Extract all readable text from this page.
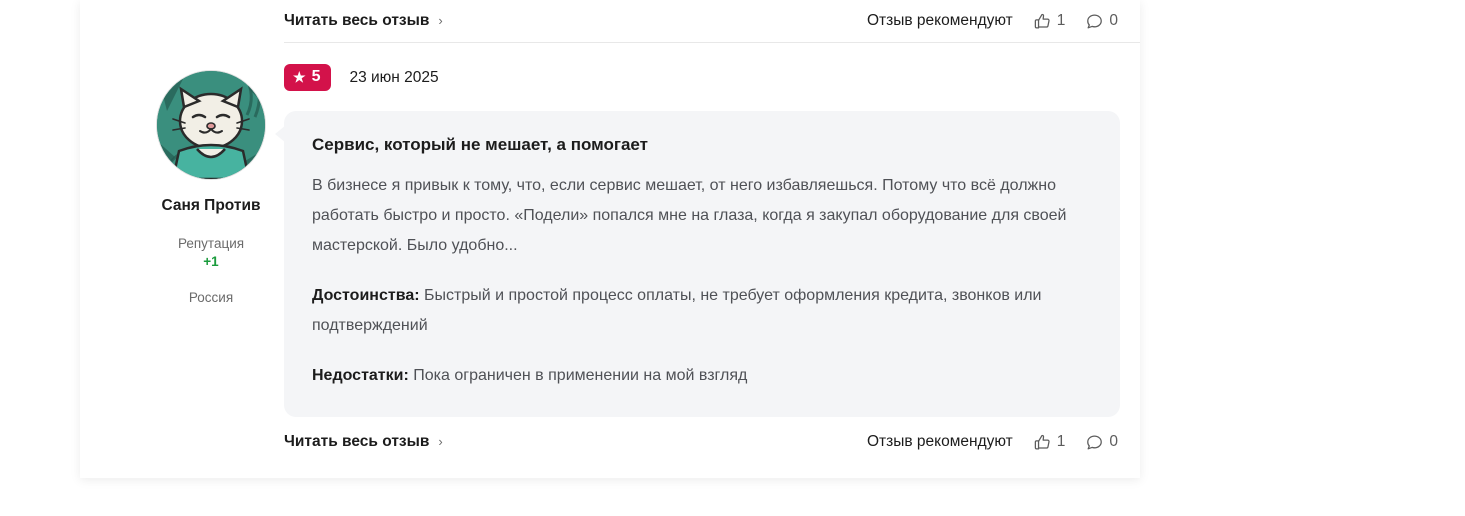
Читать весь отзыв ›	Отзыв рекомендуют	1	0
Саня Против
Репутация
+1
Россия
★ 5 23 июн 2025
Сервис, который не мешает, а помогает

В бизнесе я привык к тому, что, если сервис мешает, от него избавляешься. Потому что всё должно работать быстро и просто. «Подели» попался мне на глаза, когда я закупал оборудование для своей мастерской. Было удобно...

Достоинства: Быстрый и простой процесс оплаты, не требует оформления кредита, звонков или подтверждений

Недостатки: Пока ограничен в применении на мой взгляд

Читать весь отзыв ›	Отзыв рекомендуют	1	0
